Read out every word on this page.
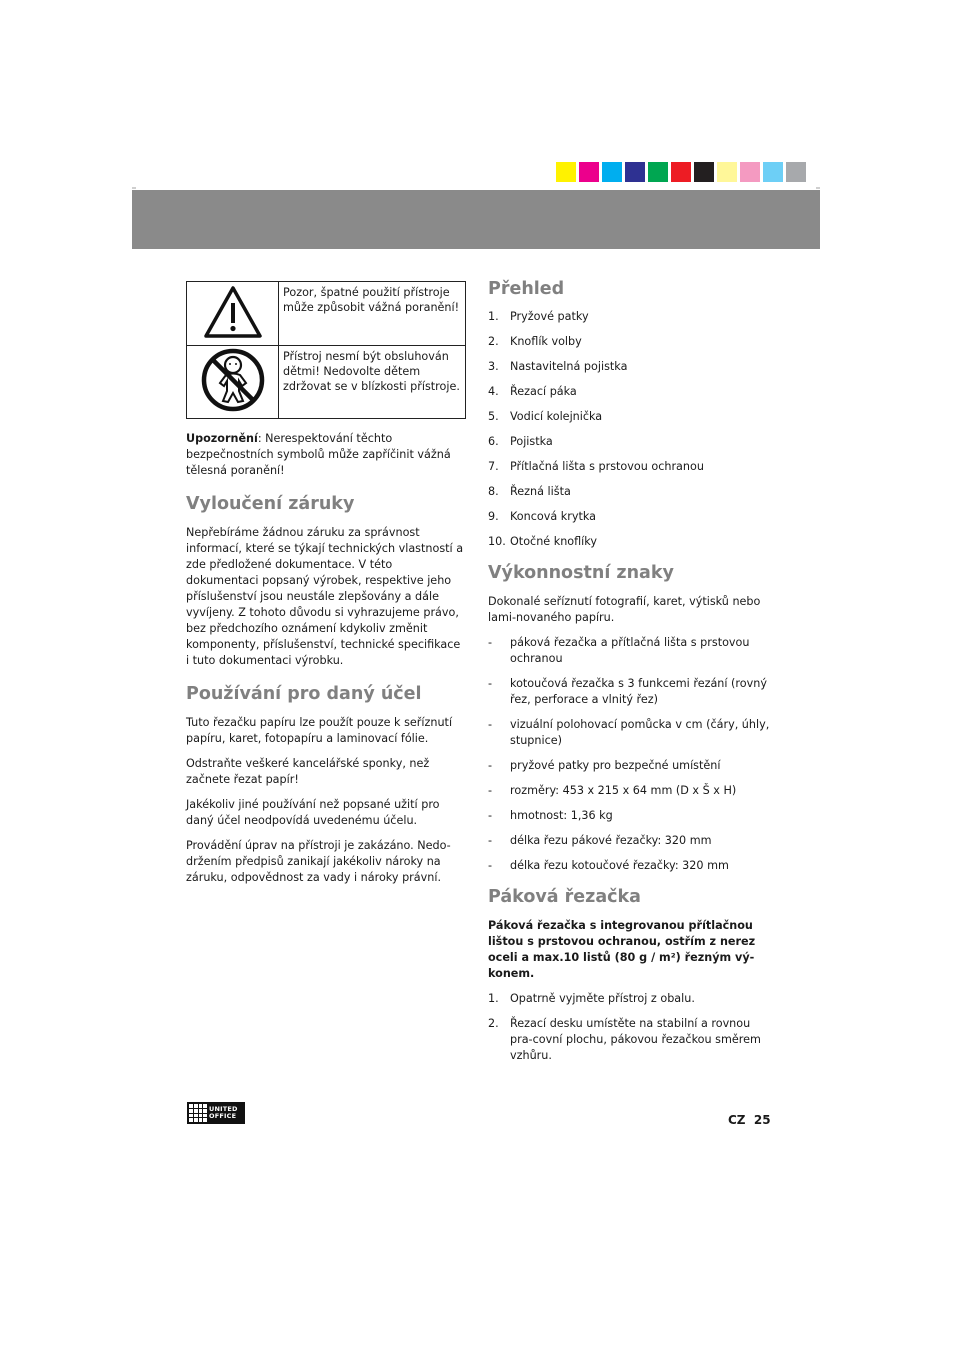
	Pozor, špatné použití přístroje může způsobit vážná poranění!
	Přístroj nesmí být obsluhován dětmi! Nedovolte dětem zdržovat se v blízkosti přístroje.

Upozornění: Nerespektování těchto bezpečnostních symbolů může zapříčinit vážná tělesná poranění!

Vyloučení záruky

Nepřebíráme žádnou záruku za správnost informací, které se týkají technických vlastností a zde předložené dokumentace. V této dokumentaci popsaný výrobek, respektive jeho příslušenství jsou neustále zlepšovány a dále vyvíjeny. Z tohoto důvodu si vyhrazujeme právo, bez předchozího oznámení kdykoliv změnit komponenty, příslušenství, technické specifikace i tuto dokumentaci výrobku.

Používání pro daný účel

Tuto řezačku papíru lze použít pouze k seříznutí papíru, karet, fotopapíru a laminovací fólie.

Odstraňte veškeré kancelářské sponky, než začnete řezat papír!

Jakékoliv jiné používání než popsané užití pro daný účel neodpovídá uvedenému účelu.

Provádění úprav na přístroji je zakázáno. Nedo-držením předpisů zanikají jakékoliv nároky na záruku, odpovědnost za vady i nároky právní.

Přehled
1.	Pryžové patky
2.	Knoflík volby
3.	Nastavitelná pojistka
4.	Řezací páka
5.	Vodicí kolejnička
6.	Pojistka
7.	Přítlačná lišta s prstovou ochranou
8.	Řezná lišta
9.	Koncová krytka
10. Otočné knoflíky
Výkonnostní znaky

Dokonalé seříznutí fotografií, karet, výtisků nebo lami-novaného papíru.

-	páková řezačka a přítlačná lišta s prstovou ochranou
-	kotoučová řezačka s 3 funkcemi řezání (rovný řez, perforace a vlnitý řez)
-	vizuální polohovací pomůcka v cm (čáry, úhly, stupnice)
-	pryžové patky pro bezpečné umístění
-	rozměry: 453 x 215 x 64 mm (D x Š x H)
-	hmotnost: 1,36 kg
-	délka řezu pákové řezačky: 320 mm
-	délka řezu kotoučové řezačky: 320 mm
Páková řezačka

Páková řezačka s integrovanou přítlačnou lištou s prstovou ochranou, ostřím z nerez oceli a max.10 listů (80 g / m²) řezným vý-konem.

1.	Opatrně vyjměte přístroj z obalu.
2.	Řezací desku umístěte na stabilní a rovnou pra-covní plochu, pákovou řezačkou směrem vzhůru.
UNITED
OFFICE	CZ 25
